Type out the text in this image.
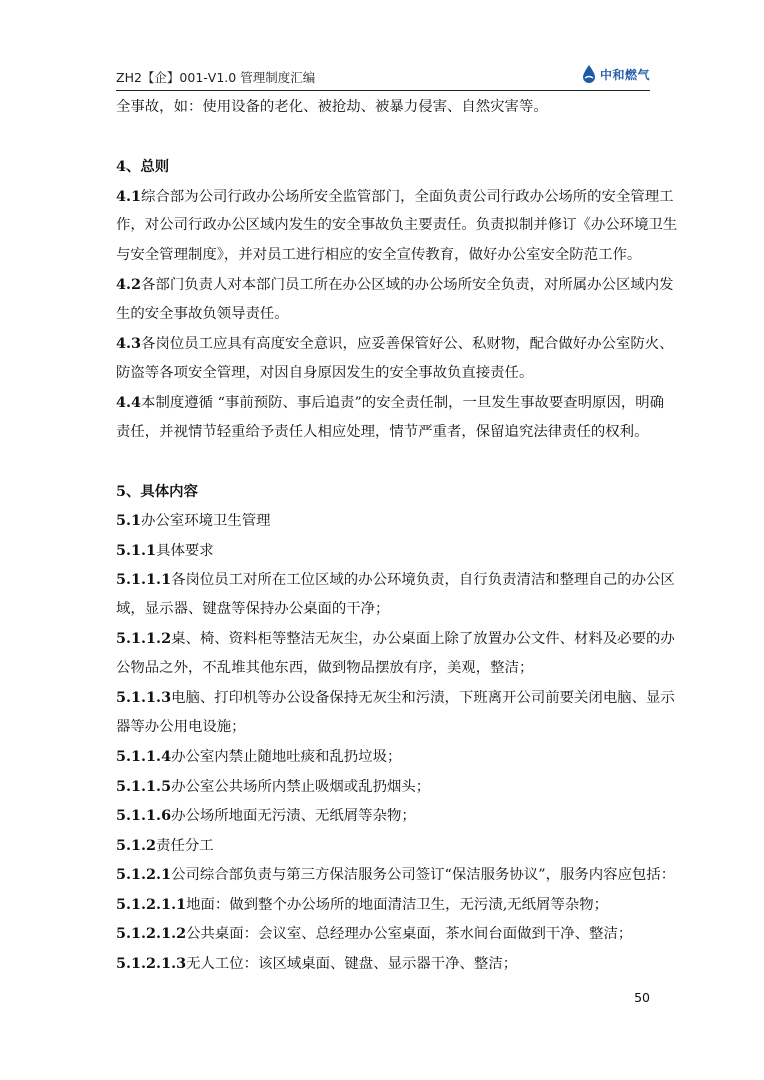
ZH2【企】001-V1.0 管理制度汇编	中和燃气
全事故，如：使用设备的老化、被抢劫、被暴力侵害、自然灾害等。
4、总则
4.1综合部为公司行政办公场所安全监管部门，全面负责公司行政办公场所的安全管理工
作，对公司行政办公区域内发生的安全事故负主要责任。负责拟制并修订《办公环境卫生
与安全管理制度》，并对员工进行相应的安全宣传教育，做好办公室安全防范工作。
4.2各部门负责人对本部门员工所在办公区域的办公场所安全负责，对所属办公区域内发
生的安全事故负领导责任。
4.3各岗位员工应具有高度安全意识，应妥善保管好公、私财物，配合做好办公室防火、
防盗等各项安全管理，对因自身原因发生的安全事故负直接责任。
4.4本制度遵循 “事前预防、事后追责”的安全责任制，一旦发生事故要查明原因，明确
责任，并视情节轻重给予责任人相应处理，情节严重者，保留追究法律责任的权利。
5、具体内容
5.1办公室环境卫生管理
5.1.1具体要求
5.1.1.1各岗位员工对所在工位区域的办公环境负责，自行负责清洁和整理自己的办公区
域，显示器、键盘等保持办公桌面的干净；
5.1.1.2桌、椅、资料柜等整洁无灰尘，办公桌面上除了放置办公文件、材料及必要的办
公物品之外，不乱堆其他东西，做到物品摆放有序，美观，整洁；
5.1.1.3电脑、打印机等办公设备保持无灰尘和污渍，下班离开公司前要关闭电脑、显示
器等办公用电设施；
5.1.1.4办公室内禁止随地吐痰和乱扔垃圾；
5.1.1.5办公室公共场所内禁止吸烟或乱扔烟头；
5.1.1.6办公场所地面无污渍、无纸屑等杂物；
5.1.2责任分工
5.1.2.1公司综合部负责与第三方保洁服务公司签订“保洁服务协议”，服务内容应包括：
5.1.2.1.1地面：做到整个办公场所的地面清洁卫生，无污渍,无纸屑等杂物；
5.1.2.1.2公共桌面：会议室、总经理办公室桌面，茶水间台面做到干净、整洁；
5.1.2.1.3无人工位：该区域桌面、键盘、显示器干净、整洁；
50
